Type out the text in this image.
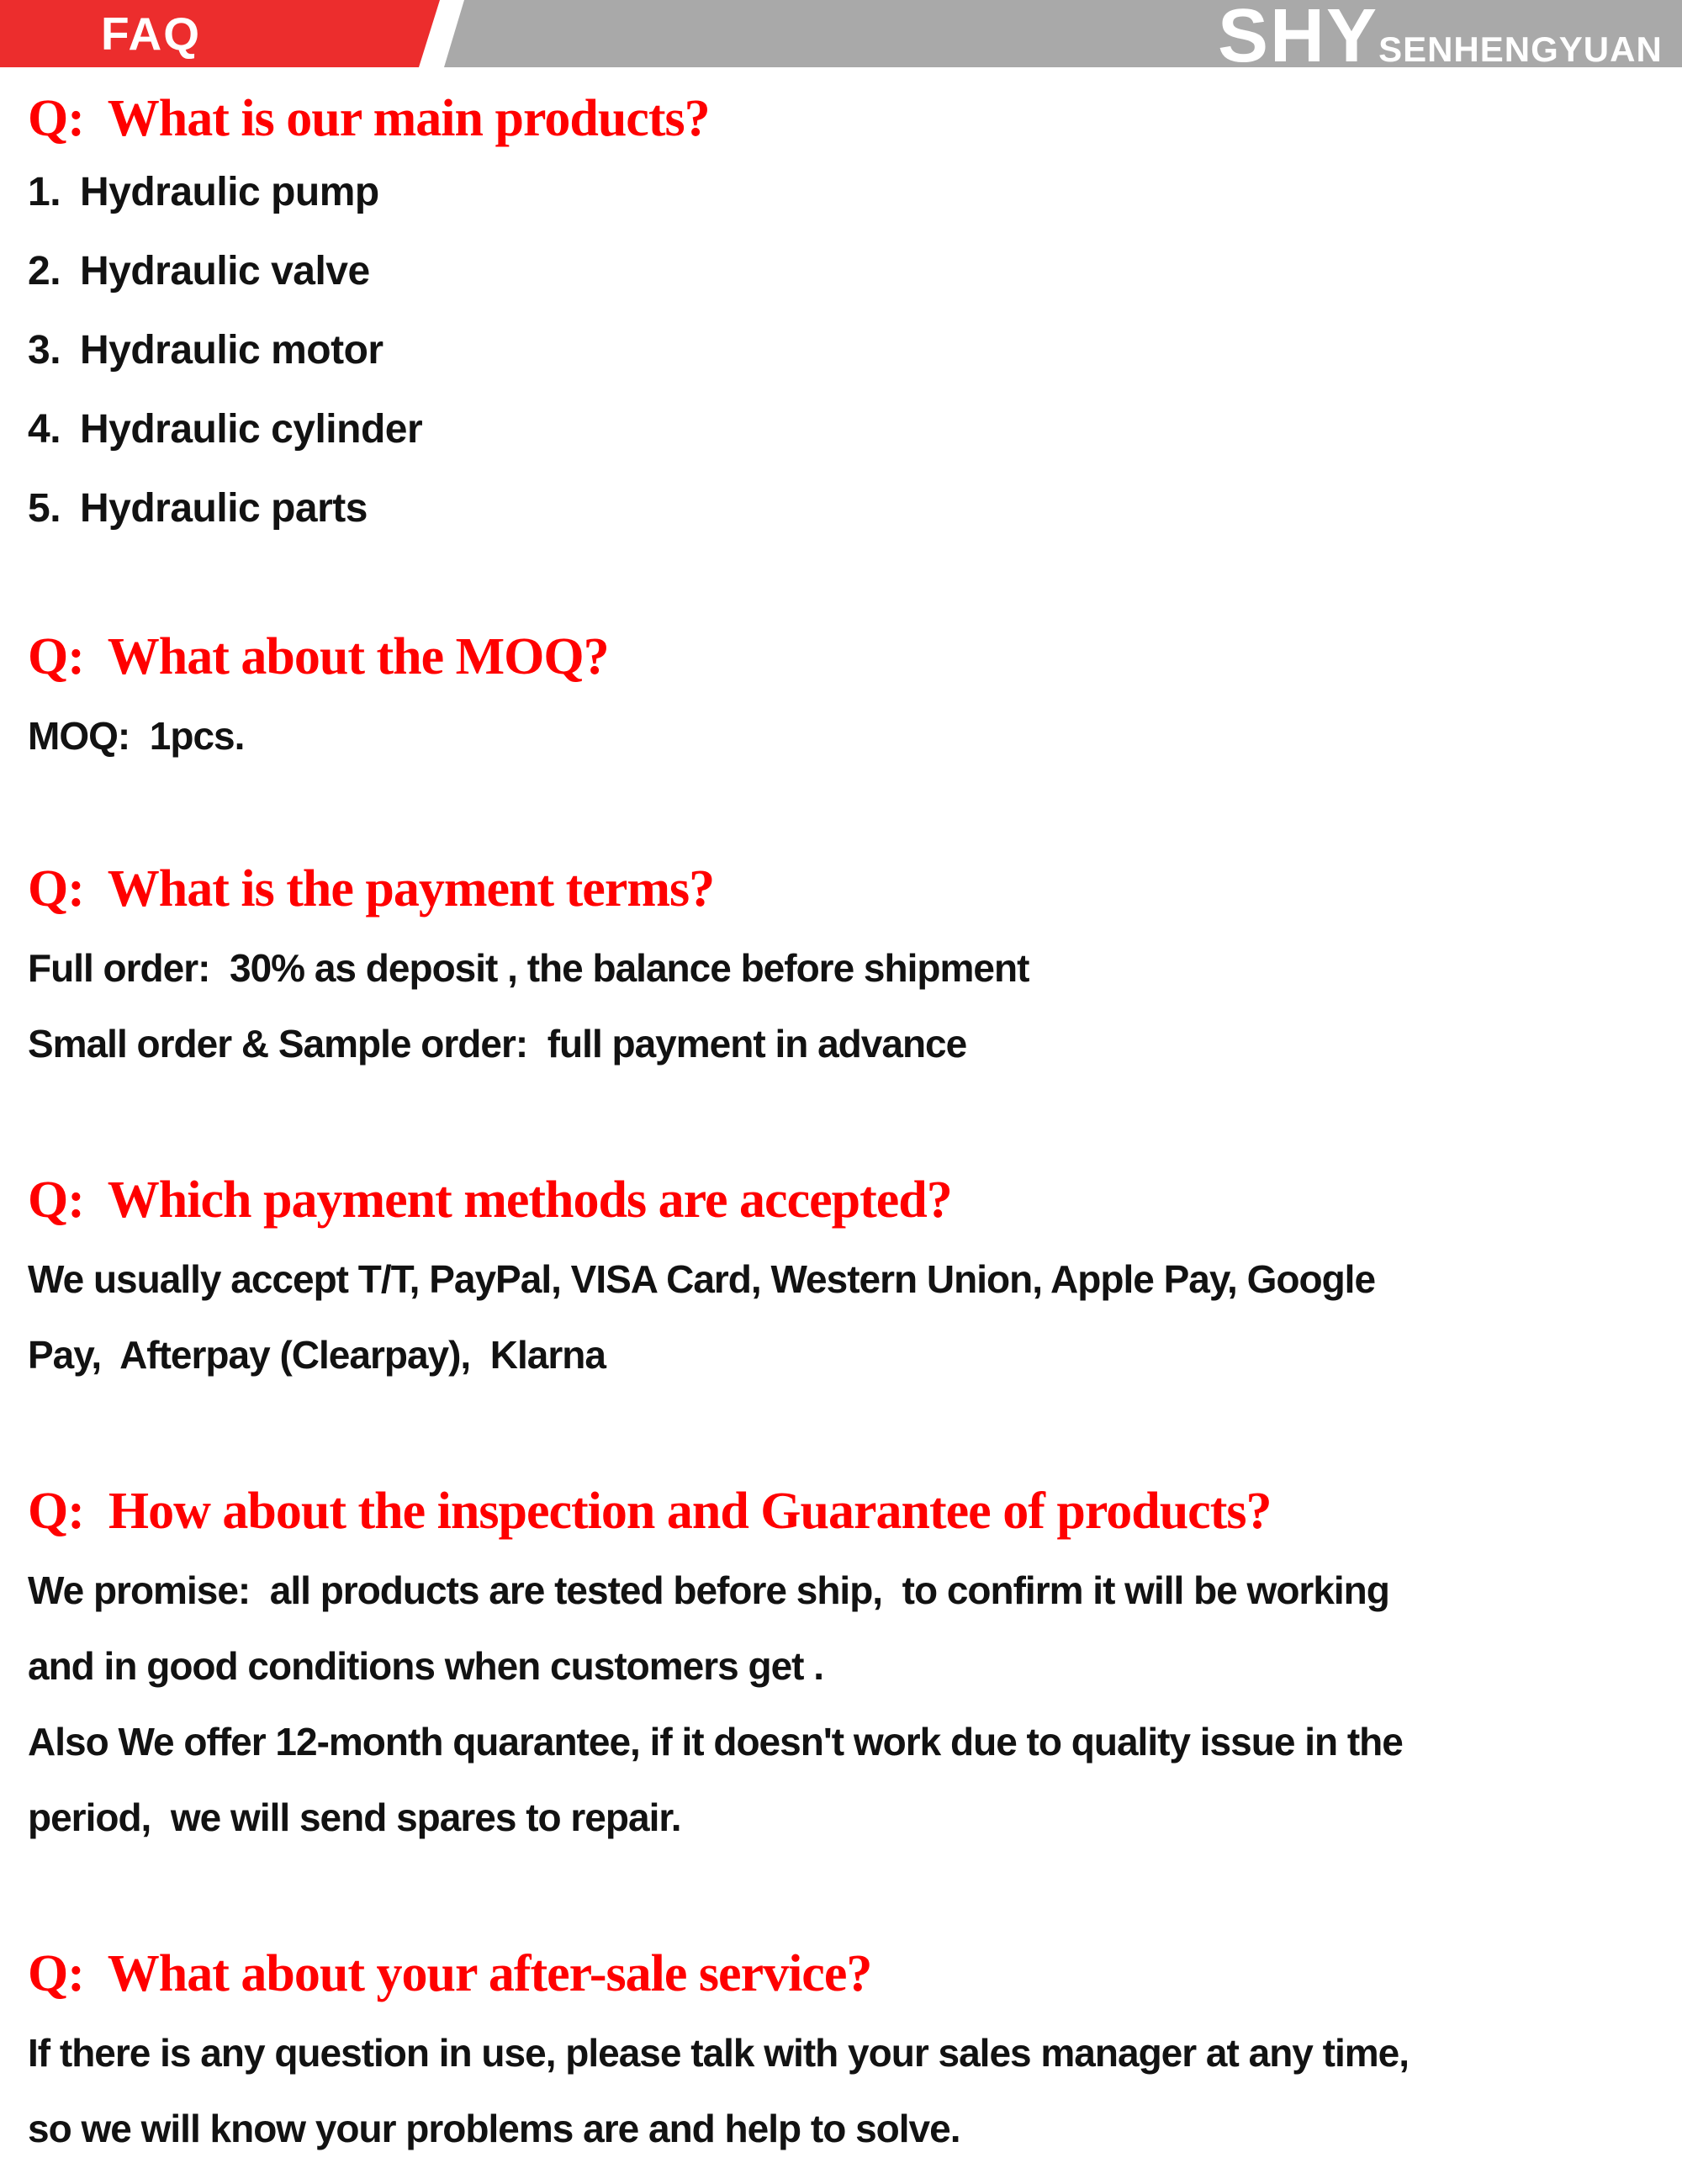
FAQ	SHYSENHENGYUAN
Q:  What is our main products?
1. Hydraulic pump
2. Hydraulic valve
3. Hydraulic motor
4. Hydraulic cylinder
5. Hydraulic parts
Q:  What about the MOQ?
MOQ:  1pcs.
Q:  What is the payment terms?
Full order:  30% as deposit , the balance before shipment
Small order & Sample order:  full payment in advance
Q:  Which payment methods are accepted?
We usually accept T/T, PayPal, VISA Card, Western Union, Apple Pay, Google
Pay,  Afterpay (Clearpay),  Klarna
Q:  How about the inspection and Guarantee of products?
We promise:  all products are tested before ship,  to confirm it will be working
and in good conditions when customers get .
Also We offer 12-month quarantee, if it doesn't work due to quality issue in the
period,  we will send spares to repair.
Q:  What about your after-sale service?
If there is any question in use, please talk with your sales manager at any time,
so we will know your problems are and help to solve.
